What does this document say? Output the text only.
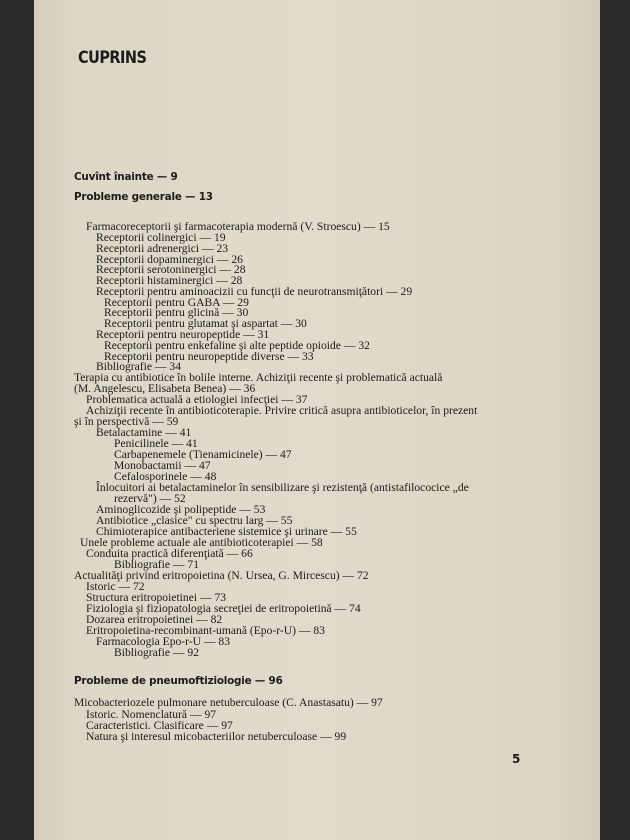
CUPRINS
Cuvînt înainte — 9
Probleme generale — 13
Farmacoreceptorii şi farmacoterapia modernă (V. Stroescu) — 15
Receptorii colinergici — 19
Receptorii adrenergici — 23
Receptorii dopaminergici — 26
Receptorii serotoninergici — 28
Receptorii histaminergici — 28
Receptorii pentru aminoacizii cu funcţii de neurotransmiţători — 29
Receptorii pentru GABA — 29
Receptorii pentru glicină — 30
Receptorii pentru glutamat şi aspartat — 30
Receptorii pentru neuropeptide — 31
Receptorii pentru enkefaline şi alte peptide opioide — 32
Receptorii pentru neuropeptide diverse — 33
Bibliografie — 34
Terapia cu antibiotice în bolile interne. Achiziţii recente şi problematică actuală
(M. Angelescu, Elisabeta Benea) — 36
Problematica actuală a etiologiei infecţiei — 37
Achiziţii recente în antibioticoterapie. Privire critică asupra antibioticelor, în prezent
şi în perspectivă — 59
Betalactamine — 41
Penicilinele — 41
Carbapenemele (Tienamicinele) — 47
Monobactamii — 47
Cefalosporinele — 48
Înlocuitori ai betalactaminelor în sensibilizare şi rezistenţă (antistafilococice „de
rezervă") — 52
Aminoglicozide şi polipeptide — 53
Antibiotice „clasice" cu spectru larg — 55
Chimioterapice antibacteriene sistemice şi urinare — 55
Unele probleme actuale ale antibioticoterapiei — 58
Conduita practică diferenţiată — 66
Bibliografie — 71
Actualităţi privind eritropoietina (N. Ursea, G. Mircescu) — 72
Istoric — 72
Structura eritropoietinei — 73
Fiziologia şi fiziopatologia secreţiei de eritropoietină — 74
Dozarea eritropoietinei — 82
Eritropoietina-recombinant-umană (Epo-r-U) — 83
Farmacologia Epo-r-U — 83
Bibliografie — 92
Probleme de pneumoftiziologie — 96
Micobacteriozele pulmonare netuberculoase (C. Anastasatu) — 97
Istoric. Nomenclatură — 97
Caracteristici. Clasificare — 97
Natura şi interesul micobacteriilor netuberculoase — 99
5
